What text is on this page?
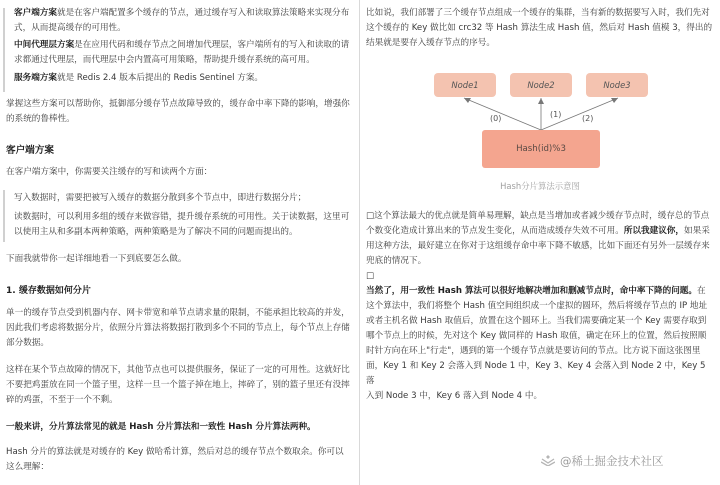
客户端方案就是在客户端配置多个缓存的节点，通过缓存写入和读取算法策略来实现分布
式，从而提高缓存的可用性。
中间代理层方案是在应用代码和缓存节点之间增加代理层，客户端所有的写入和读取的请
求都通过代理层，而代理层中会内置高可用策略，帮助提升缓存系统的高可用。
服务端方案就是 Redis 2.4 版本后提出的 Redis Sentinel 方案。
掌握这些方案可以帮助你，抵御部分缓存节点故障导致的，缓存命中率下降的影响，增强你
的系统的鲁棒性。
客户端方案
在客户端方案中，你需要关注缓存的写和读两个方面：
写入数据时，需要把被写入缓存的数据分散到多个节点中，即进行数据分片；
读数据时，可以利用多组的缓存来做容错，提升缓存系统的可用性。关于读数据，这里可
以使用主从和多副本两种策略，两种策略是为了解决不同的问题而提出的。
下面我就带你一起详细地看一下到底要怎么做。
1. 缓存数据如何分片
单一的缓存节点受到机器内存、网卡带宽和单节点请求量的限制，不能承担比较高的并发，
因此我们考虑将数据分片，依照分片算法将数据打散到多个不同的节点上，每个节点上存储
部分数据。
这样在某个节点故障的情况下，其他节点也可以提供服务，保证了一定的可用性。这就好比
不要把鸡蛋放在同一个篮子里，这样一旦一个篮子掉在地上，摔碎了，别的篮子里还有没摔
碎的鸡蛋，不至于一个不剩。
一般来讲，分片算法常见的就是 Hash 分片算法和一致性 Hash 分片算法两种。
Hash 分片的算法就是对缓存的 Key 做哈希计算，然后对总的缓存节点个数取余。你可以
这么理解：
比如说，我们部署了三个缓存节点组成一个缓存的集群，当有新的数据要写入时，我们先对
这个缓存的 Key 做比如 crc32 等 Hash 算法生成 Hash 值，然后对 Hash 值模 3，得出的
结果就是要存入缓存节点的序号。
Node1	Node2	Node3
(0)	(1)	(2)
Hash(id)%3
Hash分片算法示意图
□这个算法最大的优点就是简单易理解，缺点是当增加或者减少缓存节点时，缓存总的节点
个数变化造成计算出来的节点发生变化，从而造成缓存失效不可用。所以我建议你，如果采
用这种方法，最好建立在你对于这组缓存命中率下降不敏感，比如下面还有另外一层缓存来
兜底的情况下。
□
当然了，用一致性 Hash 算法可以很好地解决增加和删减节点时，命中率下降的问题。在
这个算法中，我们将整个 Hash 值空间组织成一个虚拟的圆环，然后将缓存节点的 IP 地址
或者主机名做 Hash 取值后，放置在这个圆环上。当我们需要确定某一个 Key 需要存取到
哪个节点上的时候，先对这个 Key 做同样的 Hash 取值，确定在环上的位置，然后按照顺
时针方向在环上"行走"，遇到的第一个缓存节点就是要访问的节点。比方说下面这张图里
面，Key 1 和 Key 2 会落入到 Node 1 中，Key 3、Key 4 会落入到 Node 2 中，Key 5 落
入到 Node 3 中，Key 6 落入到 Node 4 中。
@稀土掘金技术社区
